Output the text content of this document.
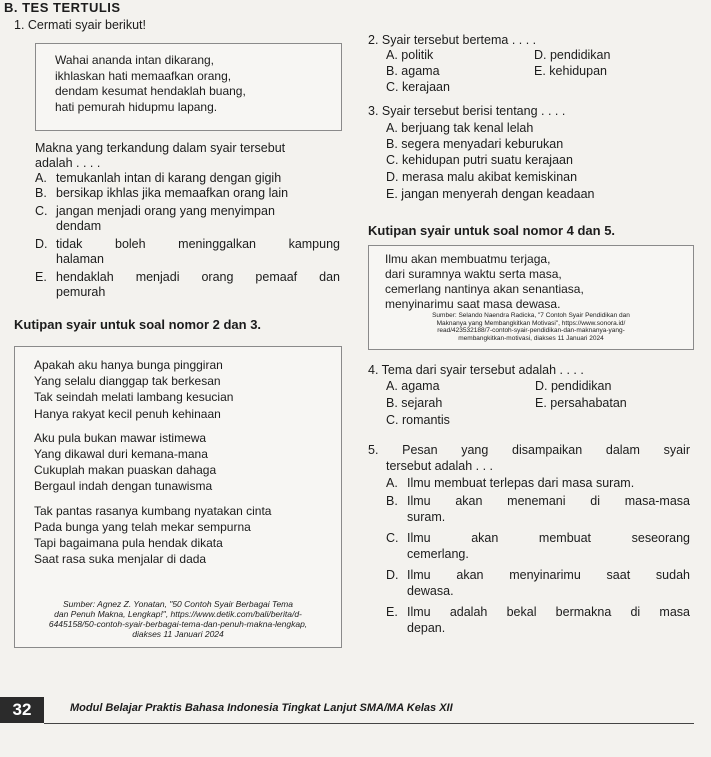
B. TES TERTULIS
1. Cermati syair berikut!
Wahai ananda intan dikarang,
ikhlaskan hati memaafkan orang,
dendam kesumat hendaklah buang,
hati pemurah hidupmu lapang.
Makna yang terkandung dalam syair tersebut
adalah . . . .
A. temukanlah intan di karang dengan gigih
B. bersikap ikhlas jika memaafkan orang lain
C. jangan menjadi orang yang menyimpan
dendam
D. tidak boleh meninggalkan kampung
halaman
E. hendaklah menjadi orang pemaaf dan
pemurah
Kutipan syair untuk soal nomor 2 dan 3.
Apakah aku hanya bunga pinggiran
Yang selalu dianggap tak berkesan
Tak seindah melati lambang kesucian
Hanya rakyat kecil penuh kehinaan
Aku pula bukan mawar istimewa
Yang dikawal duri kemana-mana
Cukuplah makan puaskan dahaga
Bergaul indah dengan tunawisma
Tak pantas rasanya kumbang nyatakan cinta
Pada bunga yang telah mekar sempurna
Tapi bagaimana pula hendak dikata
Saat rasa suka menjalar di dada
Sumber: Agnez Z. Yonatan, "50 Contoh Syair Berbagai Tema
dan Penuh Makna, Lengkap!", https://www.detik.com/bali/berita/d-
6445158/50-contoh-syair-berbagai-tema-dan-penuh-makna-lengkap,
diakses 11 Januari 2024
2. Syair tersebut bertema . . . .
A. politik
B. agama
C. kerajaan
D. pendidikan
E. kehidupan
3. Syair tersebut berisi tentang . . . .
A. berjuang tak kenal lelah
B. segera menyadari keburukan
C. kehidupan putri suatu kerajaan
D. merasa malu akibat kemiskinan
E. jangan menyerah dengan keadaan
Kutipan syair untuk soal nomor 4 dan 5.
Ilmu akan membuatmu terjaga,
dari suramnya waktu serta masa,
cemerlang nantinya akan senantiasa,
menyinarimu saat masa dewasa.
Sumber: Selando Naendra Radicka, "7 Contoh Syair Pendidikan dan
Maknanya yang Membangkitkan Motivasi", https://www.sonora.id/
read/423532188/7-contoh-syair-pendidikan-dan-maknanya-yang-
membangkitkan-motivasi, diakses 11 Januari 2024
4. Tema dari syair tersebut adalah . . . .
A. agama
B. sejarah
C. romantis
D. pendidikan
E. persahabatan
5. Pesan yang disampaikan dalam syair
tersebut adalah . . .
A. Ilmu membuat terlepas dari masa suram.
B. Ilmu akan menemani di masa-masa
suram.
C. Ilmu akan membuat seseorang
cemerlang.
D. Ilmu akan menyinarimu saat sudah
dewasa.
E. Ilmu adalah bekal bermakna di masa
depan.
32	Modul Belajar Praktis Bahasa Indonesia Tingkat Lanjut SMA/MA Kelas XII
